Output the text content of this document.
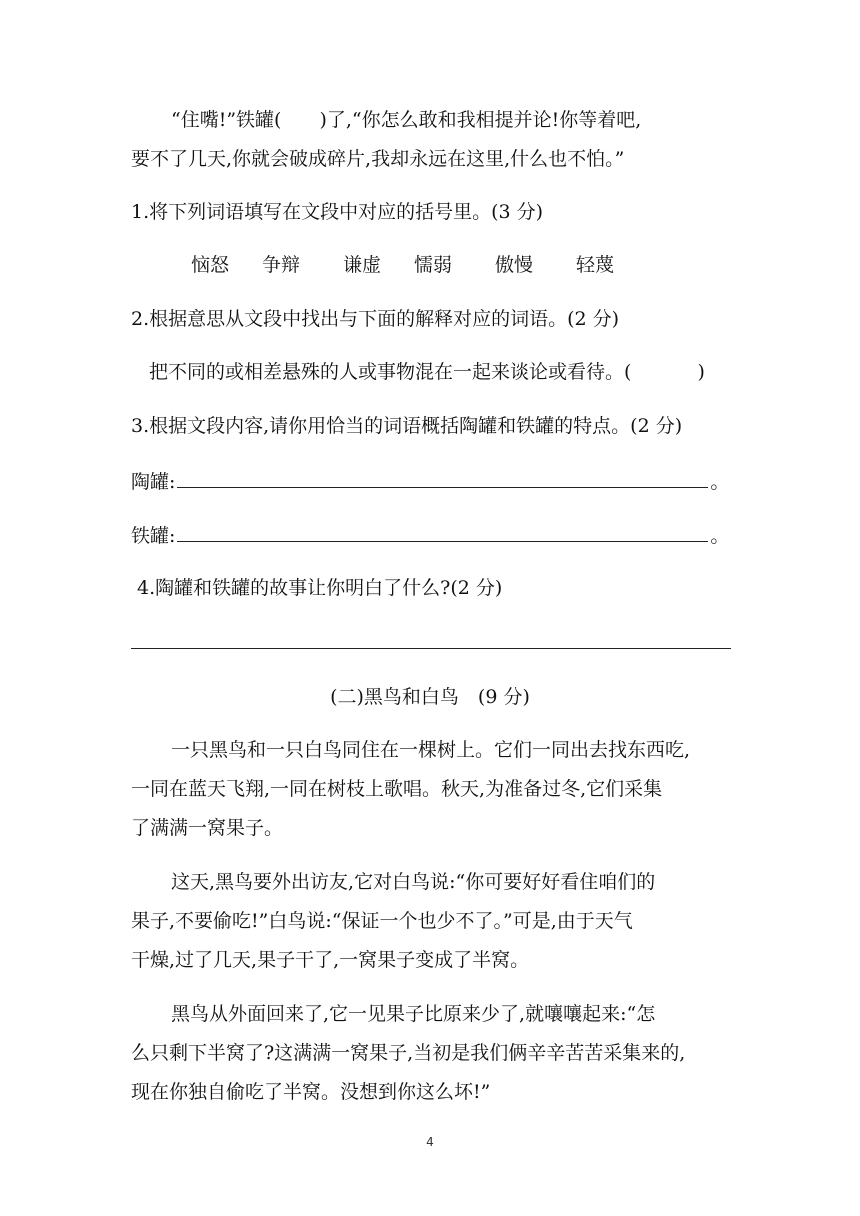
“住嘴!”铁罐(　　)了,“你怎么敢和我相提并论!你等着吧,
要不了几天,你就会破成碎片,我却永远在这里,什么也不怕。”
1.将下列词语填写在文段中对应的括号里。(3 分)
恼怒 争辩 谦虚 懦弱 傲慢 轻蔑
2.根据意思从文段中找出与下面的解释对应的词语。(2 分)
把不同的或相差悬殊的人或事物混在一起来谈论或看待。(	)
3.根据文段内容,请你用恰当的词语概括陶罐和铁罐的特点。(2 分)
陶罐:	。
铁罐:	。
4.陶罐和铁罐的故事让你明白了什么?(2 分)
(二)黑鸟和白鸟　(9 分)
一只黑鸟和一只白鸟同住在一棵树上。它们一同出去找东西吃,
一同在蓝天飞翔,一同在树枝上歌唱。秋天,为准备过冬,它们采集
了满满一窝果子。
这天,黑鸟要外出访友,它对白鸟说:“你可要好好看住咱们的
果子,不要偷吃!”白鸟说:“保证一个也少不了。”可是,由于天气
干燥,过了几天,果子干了,一窝果子变成了半窝。
黑鸟从外面回来了,它一见果子比原来少了,就嚷嚷起来:“怎
么只剩下半窝了?这满满一窝果子,当初是我们俩辛辛苦苦采集来的,
现在你独自偷吃了半窝。没想到你这么坏!”
4
